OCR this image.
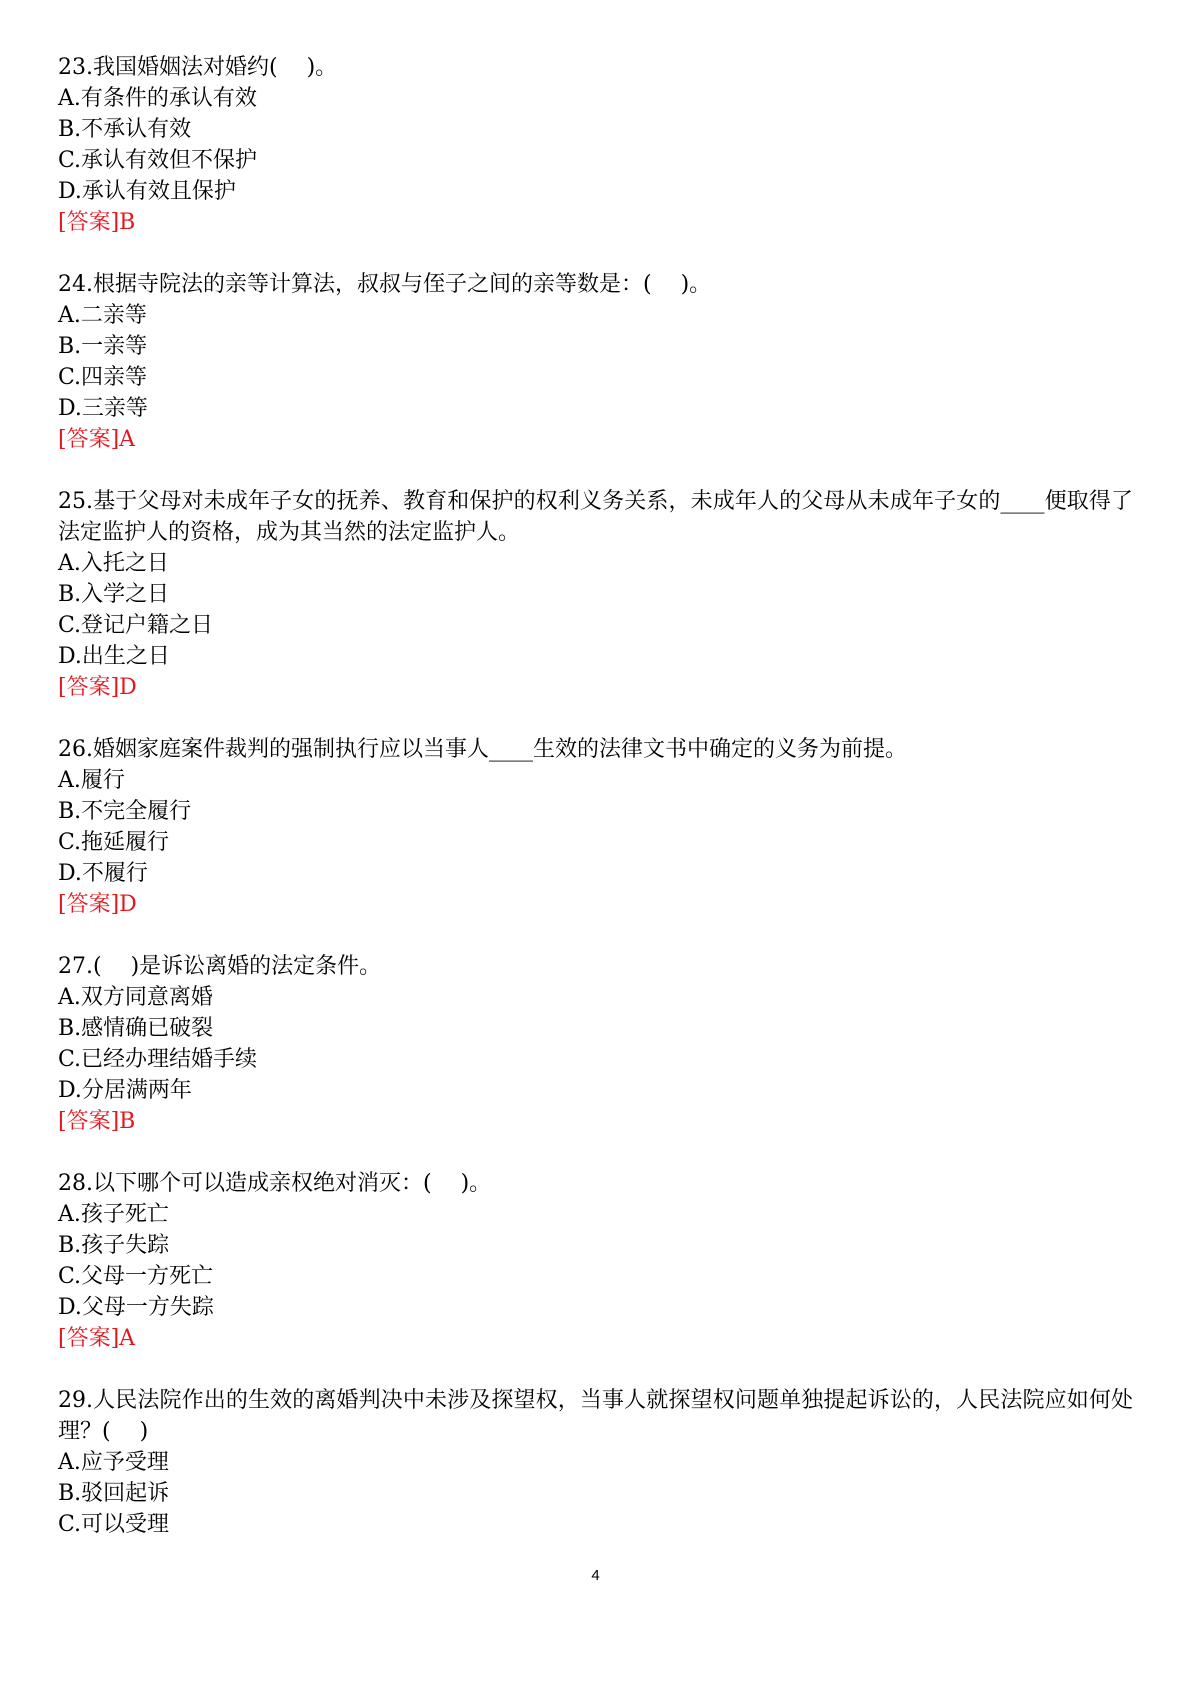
23.我国婚姻法对婚约(　 )。
A.有条件的承认有效
B.不承认有效
C.承认有效但不保护
D.承认有效且保护
[答案]B
24.根据寺院法的亲等计算法，叔叔与侄子之间的亲等数是：(　 )。
A.二亲等
B.一亲等
C.四亲等
D.三亲等
[答案]A
25.基于父母对未成年子女的抚养、教育和保护的权利义务关系，未成年人的父母从未成年子女的____便取得了法定监护人的资格，成为其当然的法定监护人。
A.入托之日
B.入学之日
C.登记户籍之日
D.出生之日
[答案]D
26.婚姻家庭案件裁判的强制执行应以当事人____生效的法律文书中确定的义务为前提。
A.履行
B.不完全履行
C.拖延履行
D.不履行
[答案]D
27.(　 )是诉讼离婚的法定条件。
A.双方同意离婚
B.感情确已破裂
C.已经办理结婚手续
D.分居满两年
[答案]B
28.以下哪个可以造成亲权绝对消灭：(　 )。
A.孩子死亡
B.孩子失踪
C.父母一方死亡
D.父母一方失踪
[答案]A
29.人民法院作出的生效的离婚判决中未涉及探望权，当事人就探望权问题单独提起诉讼的，人民法院应如何处理？(　 )
A.应予受理
B.驳回起诉
C.可以受理
4
